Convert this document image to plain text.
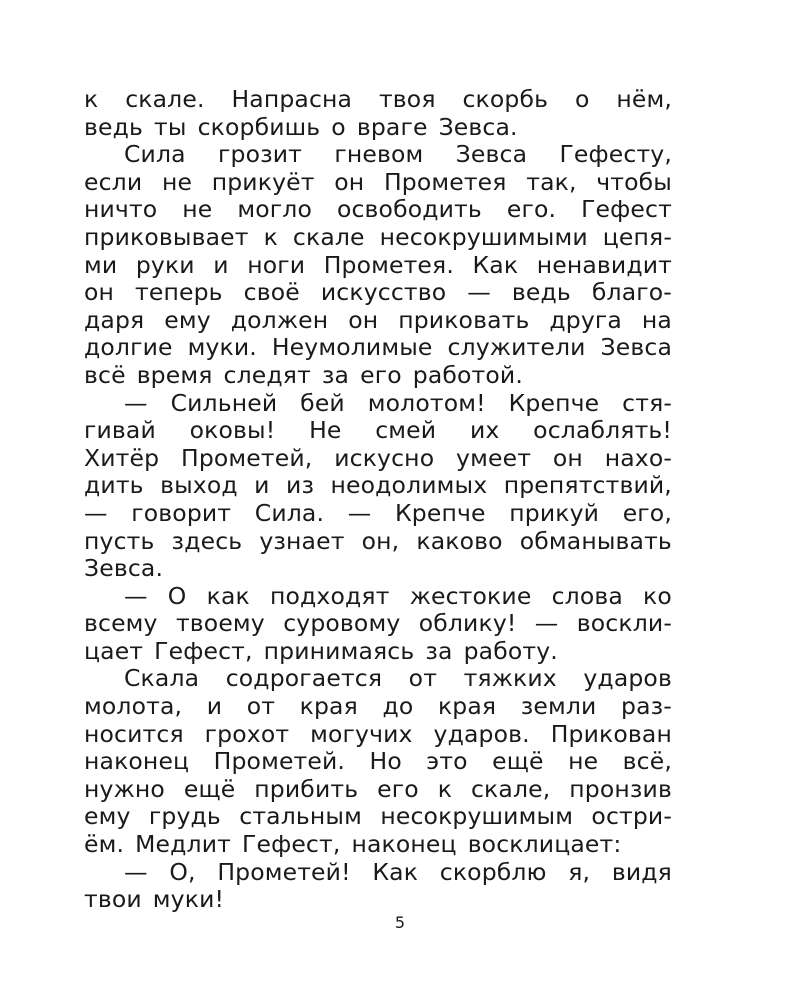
к скале. Напрасна твоя скорбь о нём,
ведь ты скорбишь о враге Зевса.
Сила грозит гневом Зевса Гефесту,
если не прикуёт он Прометея так, чтобы
ничто не могло освободить его. Гефест
приковывает к скале несокрушимыми цепя-
ми руки и ноги Прометея. Как ненавидит
он теперь своё искусство — ведь благо-
даря ему должен он приковать друга на
долгие муки. Неумолимые служители Зевса
всё время следят за его работой.
— Сильней бей молотом! Крепче стя-
гивай оковы! Не смей их ослаблять!
Хитёр Прометей, искусно умеет он нахо-
дить выход и из неодолимых препятствий,
— говорит Сила. — Крепче прикуй его,
пусть здесь узнает он, каково обманывать
Зевса.
— О как подходят жестокие слова ко
всему твоему суровому облику! — воскли-
цает Гефест, принимаясь за работу.
Скала содрогается от тяжких ударов
молота, и от края до края земли раз-
носится грохот могучих ударов. Прикован
наконец Прометей. Но это ещё не всё,
нужно ещё прибить его к скале, пронзив
ему грудь стальным несокрушимым остри-
ём. Медлит Гефест, наконец восклицает:
— О, Прометей! Как скорблю я, видя
твои муки!
5
